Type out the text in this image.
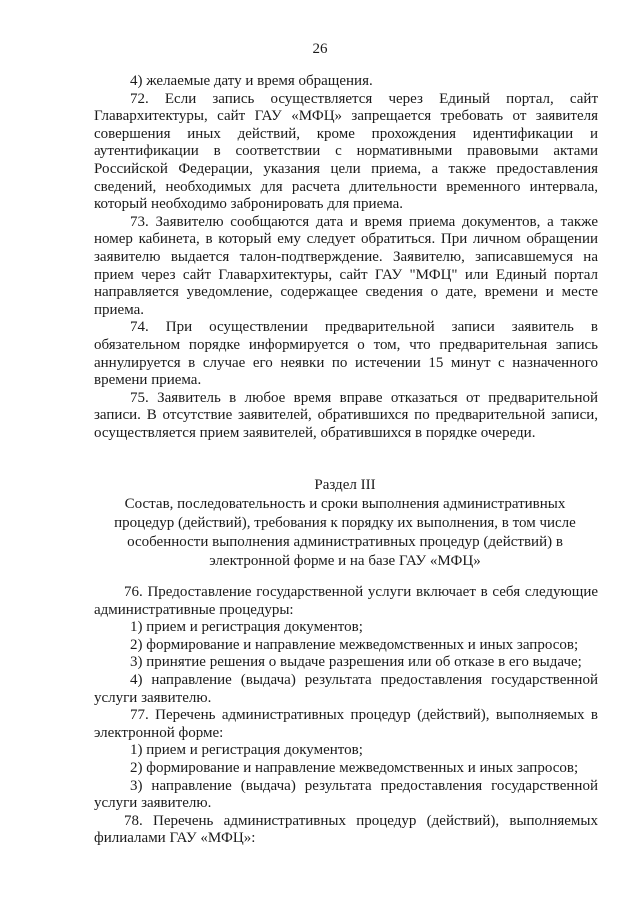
26

4) желаемые дату и время обращения.

72. Если запись осуществляется через Единый портал, сайт Главархитектуры, сайт ГАУ «МФЦ» запрещается требовать от заявителя совершения иных действий, кроме прохождения идентификации и аутентификации в соответствии с нормативными правовыми актами Российской Федерации, указания цели приема, а также предоставления сведений, необходимых для расчета длительности временного интервала, который необходимо забронировать для приема.

73. Заявителю сообщаются дата и время приема документов, а также номер кабинета, в который ему следует обратиться. При личном обращении заявителю выдается талон-подтверждение. Заявителю, записавшемуся на прием через сайт Главархитектуры, сайт ГАУ "МФЦ" или Единый портал направляется уведомление, содержащее сведения о дате, времени и месте приема.

74. При осуществлении предварительной записи заявитель в обязательном порядке информируется о том, что предварительная запись аннулируется в случае его неявки по истечении 15 минут с назначенного времени приема.

75. Заявитель в любое время вправе отказаться от предварительной записи. В отсутствие заявителей, обратившихся по предварительной записи, осуществляется прием заявителей, обратившихся в порядке очереди.

Раздел III
Состав, последовательность и сроки выполнения административных
процедур (действий), требования к порядку их выполнения, в том числе
особенности выполнения административных процедур (действий) в
электронной форме и на базе ГАУ «МФЦ»

76. Предоставление государственной услуги включает в себя следующие административные процедуры:

1) прием и регистрация документов;

2) формирование и направление межведомственных и иных запросов;

3) принятие решения о выдаче разрешения или об отказе в его выдаче;

4) направление (выдача) результата предоставления государственной услуги заявителю.

77. Перечень административных процедур (действий), выполняемых в электронной форме:

1) прием и регистрация документов;

2) формирование и направление межведомственных и иных запросов;

3) направление (выдача) результата предоставления государственной услуги заявителю.

78. Перечень административных процедур (действий), выполняемых филиалами ГАУ «МФЦ»:
